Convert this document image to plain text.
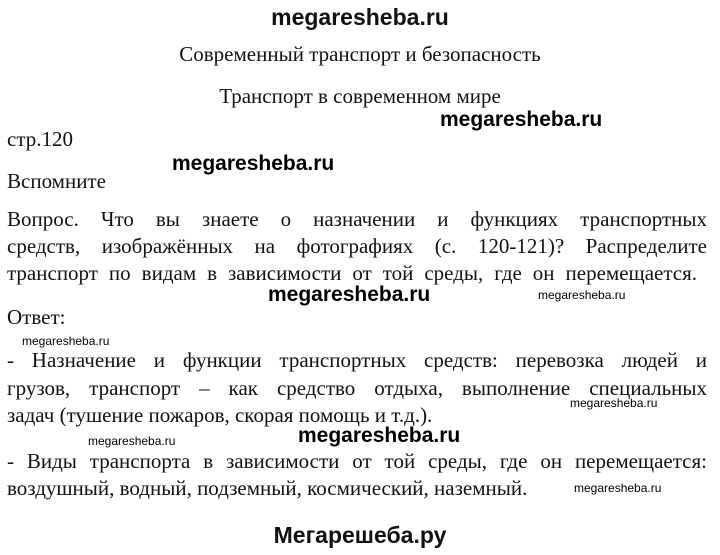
megaresheba.ru
Современный транспорт и безопасность
Транспорт в современном мире
megaresheba.ru
стр.120
megaresheba.ru
Вспомните
Вопрос. Что вы знаете о назначении и функциях транспортных
средств, изображённых на фотографиях (с. 120-121)? Распределите
транспорт по видам в зависимости от той среды, где он перемещается.
megaresheba.ru	megaresheba.ru
Ответ:
megaresheba.ru
- Назначение и функции транспортных средств: перевозка людей и
грузов, транспорт – как средство отдыха, выполнение специальных
задач (тушение пожаров, скорая помощь и т.д.).	megaresheba.ru
megaresheba.ru	megaresheba.ru
- Виды транспорта в зависимости от той среды, где он перемещается:
воздушный, водный, подземный, космический, наземный.	megaresheba.ru
Мегарешеба.ру
